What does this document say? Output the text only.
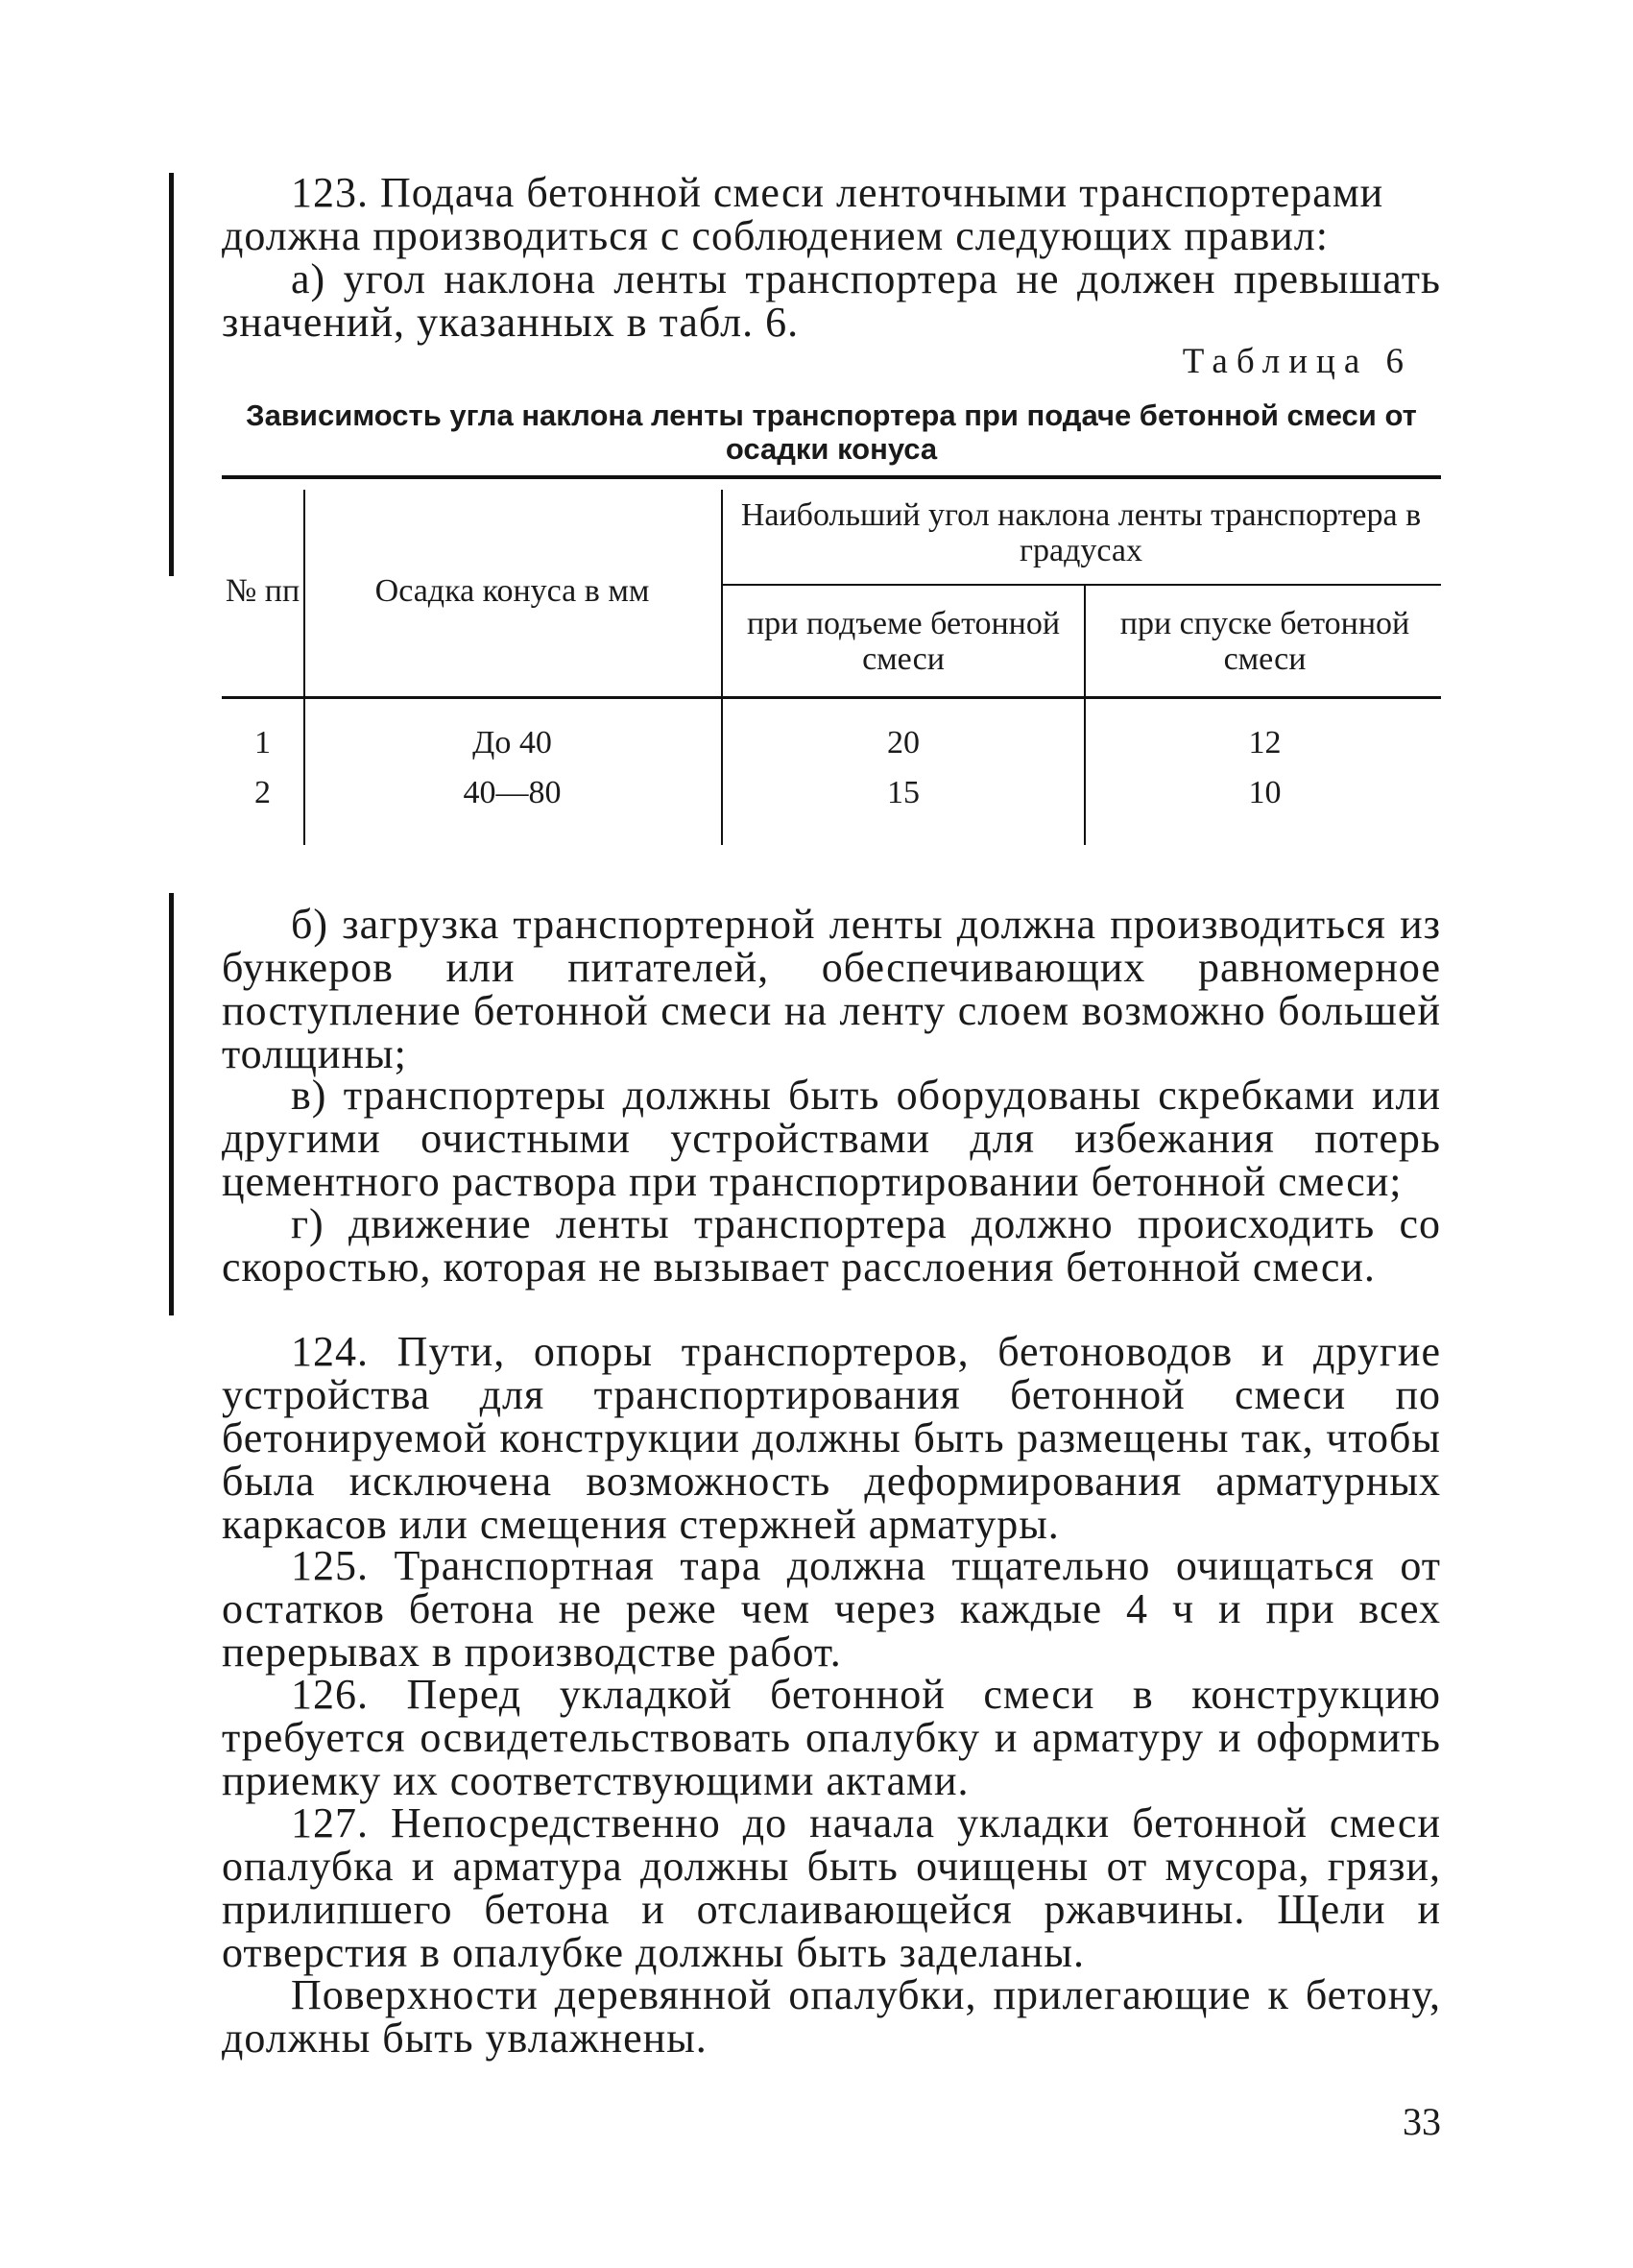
123. Подача бетонной смеси ленточными транспортерами
должна производиться с соблюдением следующих правил:
а) угол наклона ленты транспортера не должен превышать значений, указанных в табл. 6.
Таблица 6
Зависимость угла наклона ленты транспортера при подаче бетонной смеси от осадки конуса
№ пп	Осадка конуса в мм
Наибольший угол наклона ленты транспортера в градусах
при подъеме бетонной смеси
при спуске бетонной смеси
1	До 40	20	12
2	40—80	15	10
б) загрузка транспортерной ленты должна производиться из бункеров или питателей, обеспечивающих равномерное поступление бетонной смеси на ленту слоем возможно большей толщины;
в) транспортеры должны быть оборудованы скребками или другими очистными устройствами для избежания потерь цементного раствора при транспортировании бетонной смеси;
г) движение ленты транспортера должно происходить со скоростью, которая не вызывает расслоения бетонной смеси.
124. Пути, опоры транспортеров, бетоноводов и другие устройства для транспортирования бетонной смеси по бетонируемой конструкции должны быть размещены так, чтобы была исключена возможность деформирования арматурных каркасов или смещения стержней арматуры.
125. Транспортная тара должна тщательно очищаться от остатков бетона не реже чем через каждые 4 ч и при всех перерывах в производстве работ.
126. Перед укладкой бетонной смеси в конструкцию требуется освидетельствовать опалубку и арматуру и оформить приемку их соответствующими актами.
127. Непосредственно до начала укладки бетонной смеси опалубка и арматура должны быть очищены от мусора, грязи, прилипшего бетона и отслаивающейся ржавчины. Щели и отверстия в опалубке должны быть заделаны.
Поверхности деревянной опалубки, прилегающие к бетону, должны быть увлажнены.
33
